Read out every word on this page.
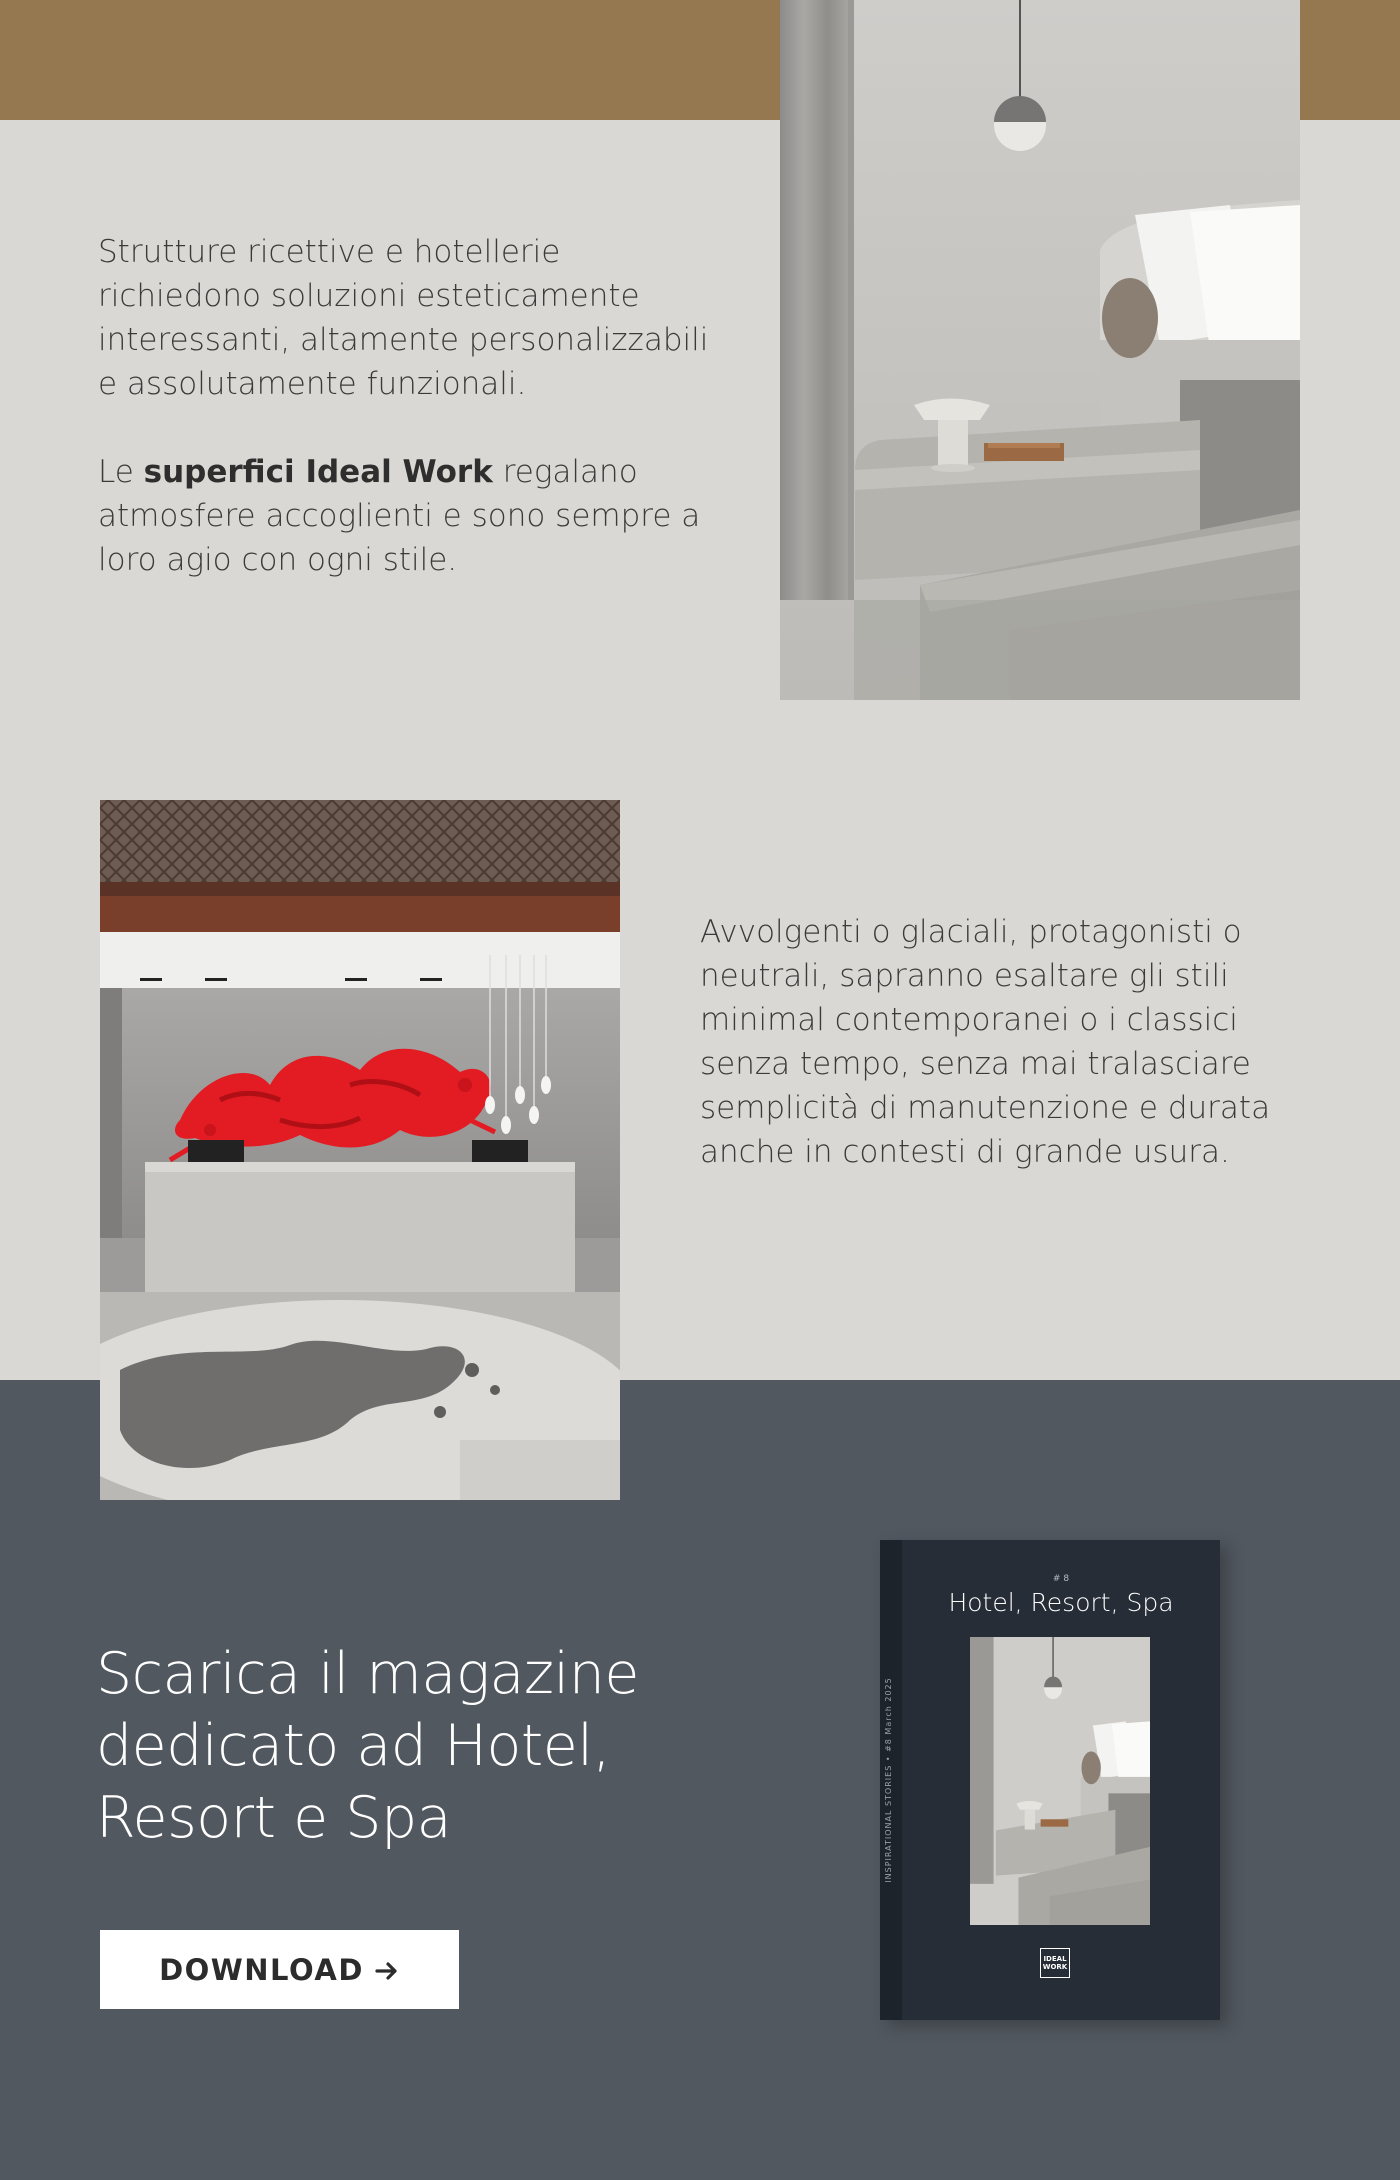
Strutture ricettive e hotellerie richiedono soluzioni esteticamente interessanti, altamente personalizzabili e assolutamente funzionali.

Le superfici Ideal Work regalano atmosfere accoglienti e sono sempre a loro agio con ogni stile.

Avvolgenti o glaciali, protagonisti o neutrali, sapranno esaltare gli stili minimal contemporanei o i classici senza tempo, senza mai tralasciare semplicità di manutenzione e durata anche in contesti di grande usura.

Scarica il magazine dedicato ad Hotel, Resort e Spa
DOWNLOAD
INSPIRATIONAL STORIES • #8 March 2025
# 8
Hotel, Resort, Spa
IDEAL
WORK
